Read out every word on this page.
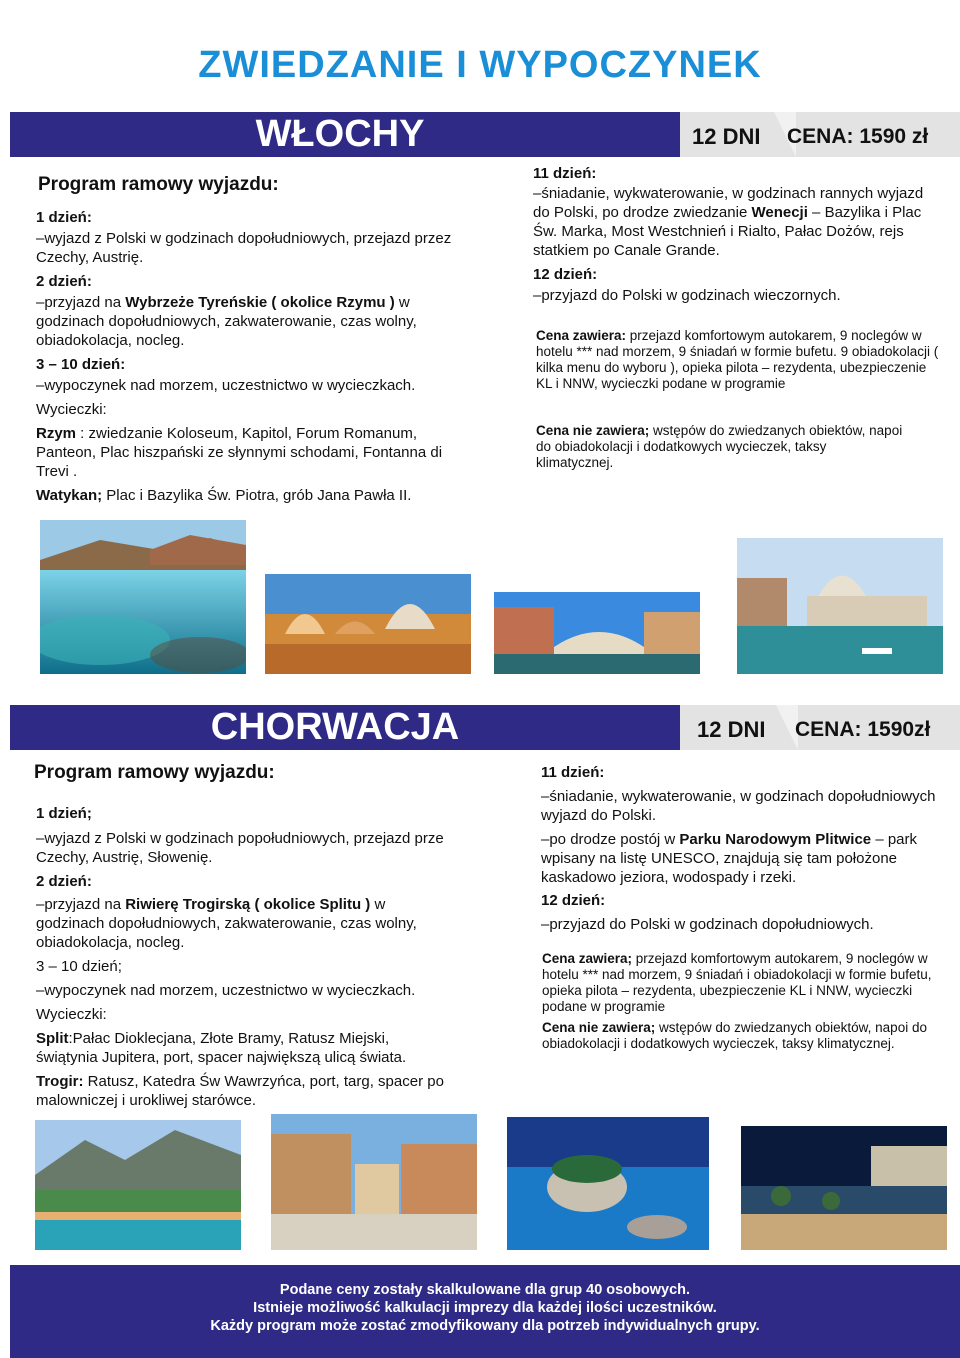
ZWIEDZANIE I WYPOCZYNEK
WŁOCHY	12 DNI CENA: 1590 zł
Program ramowy wyjazdu:

1 dzień:

–wyjazd z Polski w godzinach dopołudniowych, przejazd przez Czechy, Austrię.

2 dzień:

–przyjazd na Wybrzeże Tyreńskie ( okolice Rzymu ) w godzinach dopołudniowych, zakwaterowanie, czas wolny, obiadokolacja, nocleg.

3 – 10 dzień:

–wypoczynek nad morzem, uczestnictwo w wycieczkach.

Wycieczki:

Rzym : zwiedzanie Koloseum, Kapitol, Forum Romanum, Panteon, Plac hiszpański ze słynnymi schodami, Fontanna di Trevi .

Watykan; Plac i Bazylika Św. Piotra, grób Jana Pawła II.

11 dzień:

–śniadanie, wykwaterowanie, w godzinach rannych wyjazd do Polski, po drodze zwiedzanie Wenecji – Bazylika i Plac Św. Marka, Most Westchnień i Rialto, Pałac Dożów, rejs statkiem po Canale Grande.

12 dzień:

–przyjazd do Polski w godzinach wieczornych.

Cena zawiera: przejazd komfortowym autokarem, 9 noclegów w hotelu *** nad morzem, 9 śniadań w formie bufetu. 9 obiadokolacji ( kilka menu do wyboru ), opieka pilota – rezydenta, ubezpieczenie KL i NNW, wycieczki podane w programie

Cena nie zawiera; wstępów do zwiedzanych obiektów, napoi do obiadokolacji i dodatkowych wycieczek, taksy klimatycznej.

CHORWACJA	12 DNI CENA: 1590zł
Program ramowy wyjazdu:

1 dzień;

–wyjazd z Polski w godzinach popołudniowych, przejazd prze Czechy, Austrię, Słowenię.

2 dzień:

–przyjazd na Riwierę Trogirską ( okolice Splitu ) w godzinach dopołudniowych, zakwaterowanie, czas wolny, obiadokolacja, nocleg.

3 – 10 dzień;

–wypoczynek nad morzem, uczestnictwo w wycieczkach.

Wycieczki:

Split:Pałac Dioklecjana, Złote Bramy, Ratusz Miejski, świątynia Jupitera, port, spacer największą ulicą świata.

Trogir: Ratusz, Katedra Św Wawrzyńca, port, targ, spacer po malowniczej i urokliwej starówce.

11 dzień:

–śniadanie, wykwaterowanie, w godzinach dopołudniowych wyjazd do Polski.

–po drodze postój w Parku Narodowym Plitwice – park wpisany na listę UNESCO, znajdują się tam położone kaskadowo jeziora, wodospady i rzeki.

12 dzień:

–przyjazd do Polski w godzinach dopołudniowych.

Cena zawiera; przejazd komfortowym autokarem, 9 noclegów w hotelu *** nad morzem, 9 śniadań i obiadokolacji w formie bufetu, opieka pilota – rezydenta, ubezpieczenie KL i NNW, wycieczki podane w programie

Cena nie zawiera; wstępów do zwiedzanych obiektów, napoi do obiadokolacji i dodatkowych wycieczek, taksy klimatycznej.

Podane ceny zostały skalkulowane dla grup 40 osobowych.
Istnieje możliwość kalkulacji imprezy dla każdej ilości uczestników.
Każdy program może zostać zmodyfikowany dla potrzeb indywidualnych grupy.
